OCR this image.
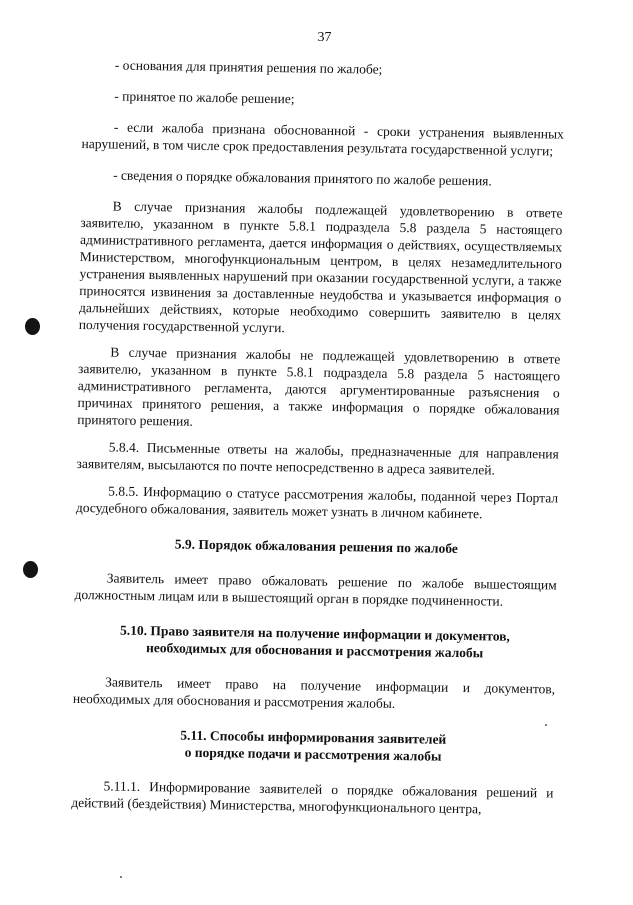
37

- основания для принятия решения по жалобе;

- принятое по жалобе решение;

- если жалоба признана обоснованной - сроки устранения выявленных нарушений, в том числе срок предоставления результата государственной услуги;

- сведения о порядке обжалования принятого по жалобе решения.

В случае признания жалобы подлежащей удовлетворению в ответе заявителю, указанном в пункте 5.8.1 подраздела 5.8 раздела 5 настоящего административного регламента, дается информация о действиях, осуществляемых Министерством, многофункциональным центром, в целях незамедлительного устранения выявленных нарушений при оказании государственной услуги, а также приносятся извинения за доставленные неудобства и указывается информация о дальнейших действиях, которые необходимо совершить заявителю в целях получения государственной услуги.

В случае признания жалобы не подлежащей удовлетворению в ответе заявителю, указанном в пункте 5.8.1 подраздела 5.8 раздела 5 настоящего административного регламента, даются аргументированные разъяснения о причинах принятого решения, а также информация о порядке обжалования принятого решения.

5.8.4. Письменные ответы на жалобы, предназначенные для направления заявителям, высылаются по почте непосредственно в адреса заявителей.

5.8.5. Информацию о статусе рассмотрения жалобы, поданной через Портал досудебного обжалования, заявитель может узнать в личном кабинете.

5.9. Порядок обжалования решения по жалобе

Заявитель имеет право обжаловать решение по жалобе вышестоящим должностным лицам или в вышестоящий орган в порядке подчиненности.

5.10. Право заявителя на получение информации и документов,
необходимых для обоснования и рассмотрения жалобы

Заявитель имеет право на получение информации и документов, необходимых для обоснования и рассмотрения жалобы.

5.11. Способы информирования заявителей
о порядке подачи и рассмотрения жалобы

5.11.1. Информирование заявителей о порядке обжалования решений и действий (бездействия) Министерства, многофункционального центра,
